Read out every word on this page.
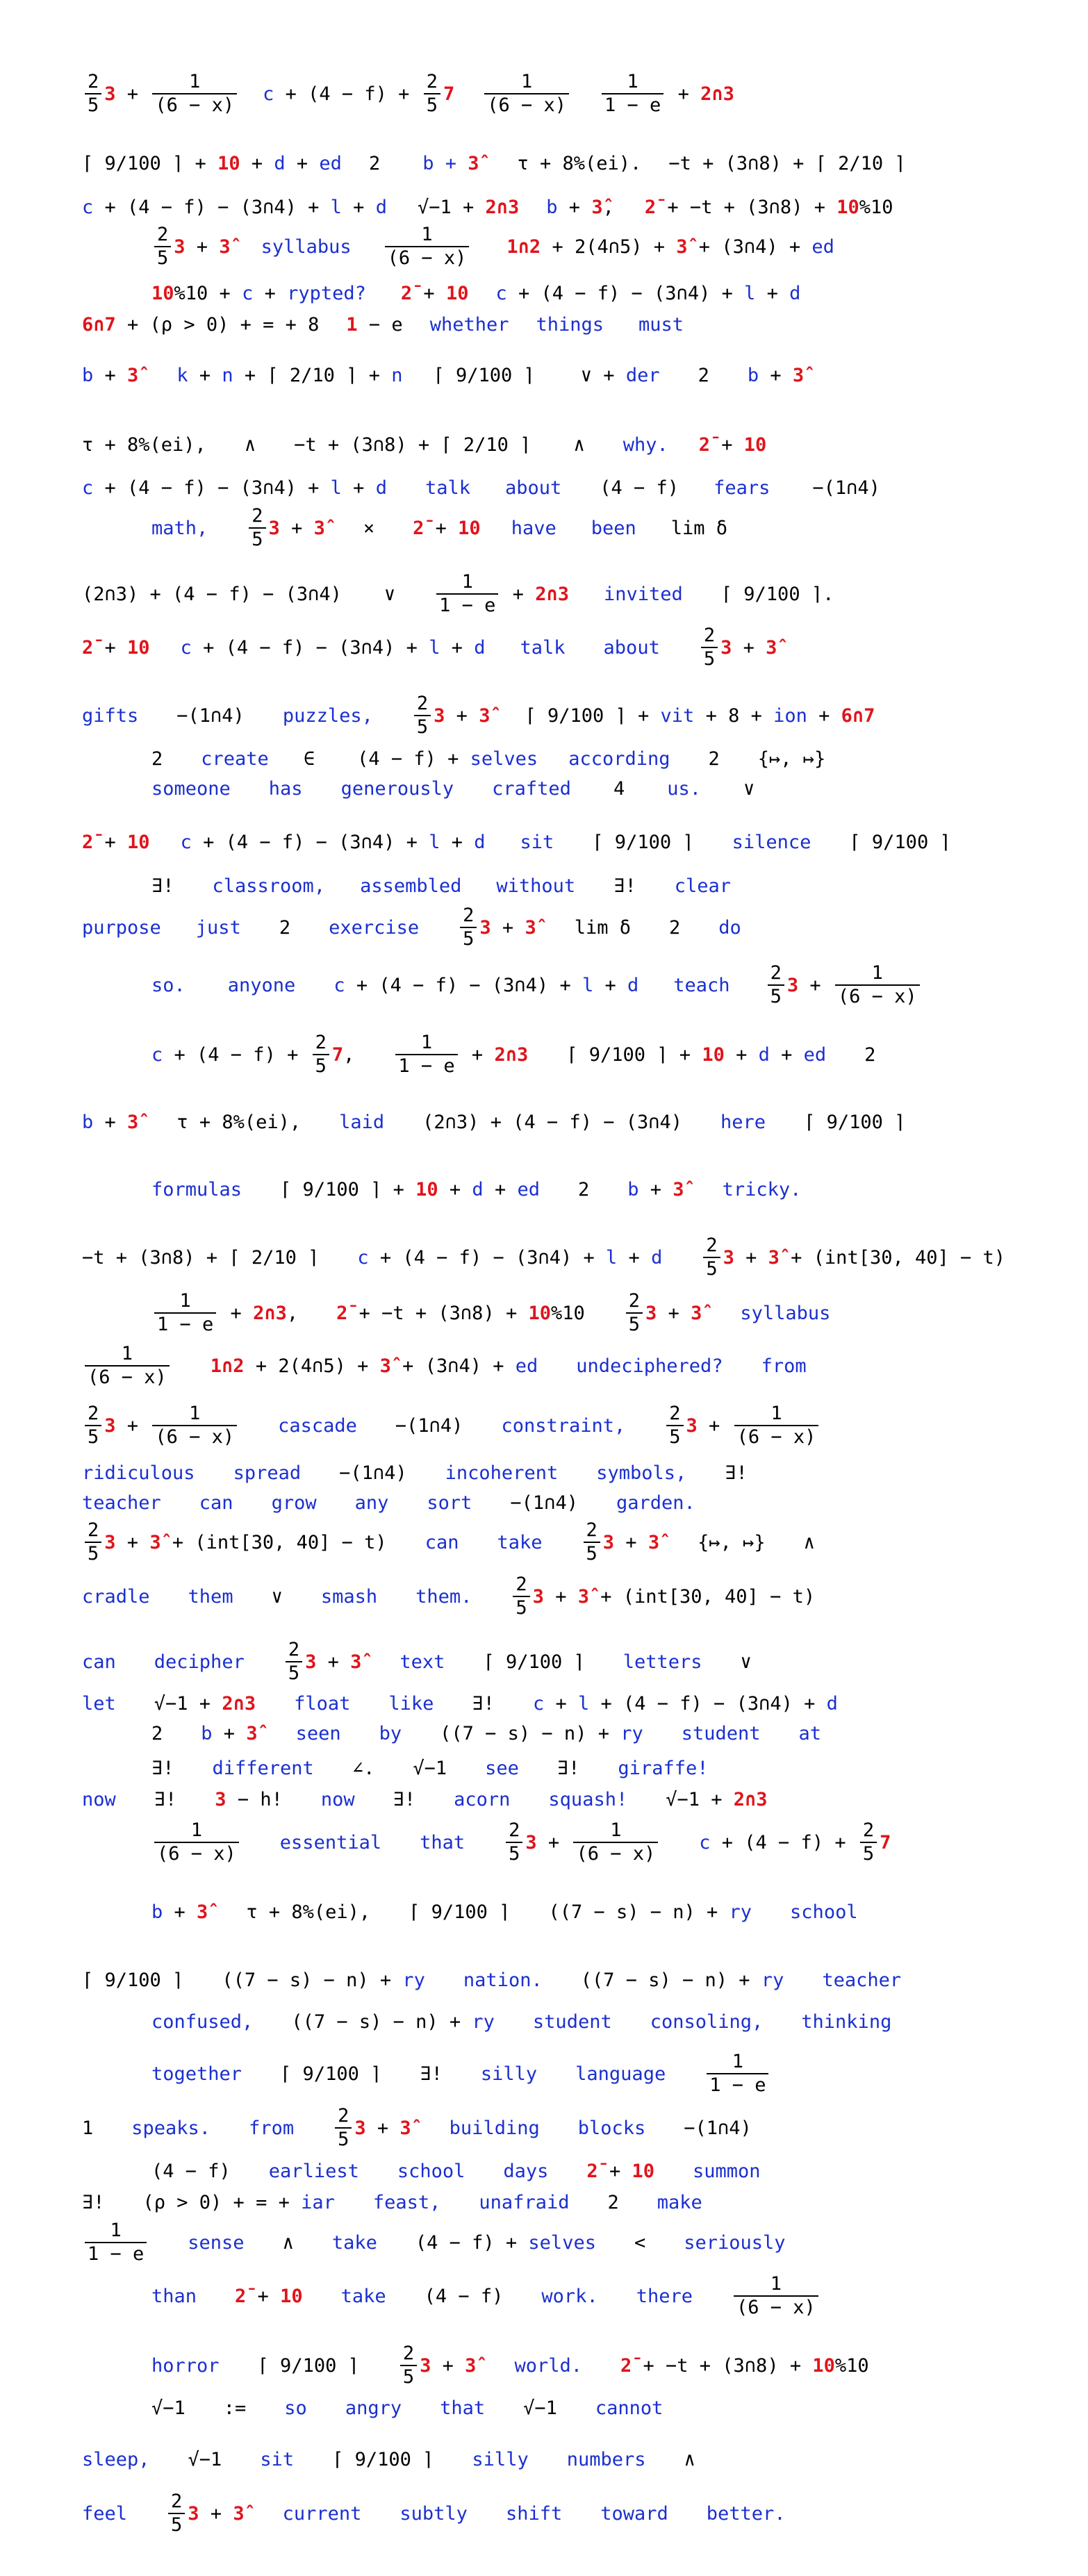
$\frac{2}{5} 3 + \frac{1}{(6 - x)}$ $c + (4 - f) + \frac{2}{5} 7 \frac{1}{(6 - x)} \frac{1}{1 - e}$ + 2∩3
⌈ 9/100 ⌉ + 10 + d + ed 2 b + 3̂ τ + 8%(ei). −t + (3∩8) + ⌈ 2/10 ⌉
c + (4 − f) − (3∩4) + l + d √−1 + 2∩3 b + 3̂ , 2̄ + −t + (3∩8) + 10 %10
$\frac{2}{5} 3$ + 3̂ syllabus $\frac{1}{(6 - x)}$ 1∩2 + 2(4∩5) + 3̂ + (3∩4) + ed
10 %10 + c + rypted? 2̄ + 10 c + (4 − f) − (3∩4) + l + d
6∩7 + (ρ > 0) + = + 8 1 − e whether things must
b + 3̂ k + n + ⌈ 2/10 ⌉ + n ⌈ 9/100 ⌉ ∨ + der 2 b + 3̂
τ + 8%(ei), ∧ −t + (3∩8) + ⌈ 2/10 ⌉ ∧ why. 2̄ + 10
c + (4 − f) − (3∩4) + l + d talk about (4 − f) fears −(1∩4)
math, $\frac{2}{5} 3$ + 3̂ × 2̄ + 10 have been lim δ
(2∩3) + (4 − f) − (3∩4) ∨ $\frac{1}{1 - e}$ + 2∩3 invited ⌈ 9/100 ⌉.
2̄ + 10 c + (4 − f) − (3∩4) + l + d talk about $\frac{2}{5} 3$ + 3̂
gifts −(1∩4) puzzles, $\frac{2}{5} 3$ + 3̂ ⌈ 9/100 ⌉ + vit + 8 + ion + 6∩7
2 create ∈ (4 − f) + selves according 2 {↦, ↦}
someone has generously crafted 4 us. ∨
2̄ + 10 c + (4 − f) − (3∩4) + l + d sit ⌈ 9/100 ⌉ silence ⌈ 9/100 ⌉
∃! classroom, assembled without ∃! clear
purpose just 2 exercise $\frac{2}{5} 3$ + 3̂ lim δ 2 do
so. anyone c + (4 − f) − (3∩4) + l + d teach $\frac{2}{5} 3 + \frac{1}{(6 - x)}$
$c + (4 - f) + \frac{2}{5} 7$ , $\frac{1}{1 - e}$ + 2∩3 ⌈ 9/100 ⌉ + 10 + d + ed 2
b + 3̂ τ + 8%(ei), laid (2∩3) + (4 − f) − (3∩4) here ⌈ 9/100 ⌉
formulas ⌈ 9/100 ⌉ + 10 + d + ed 2 b + 3̂ tricky.
−t + (3∩8) + ⌈ 2/10 ⌉ c + (4 − f) − (3∩4) + l + d $\frac{2}{5} 3$ + 3̂ + (int[30, 40] − t)
$\frac{1}{1 - e}$ + 2∩3 , 2̄ + −t + (3∩8) + 10 $\%10 \frac{2}{5} 3$ + 3̂ syllabus
$\frac{1}{(6 - x)}$ 1∩2 + 2(4∩5) + 3̂ + (3∩4) + ed undeciphered? from
$\frac{2}{5} 3 + \frac{1}{(6 - x)}$ cascade −(1∩4) constraint, $\frac{2}{5} 3 + \frac{1}{(6 - x)}$
ridiculous spread −(1∩4) incoherent symbols, ∃!
teacher can grow any sort −(1∩4) garden.
$\frac{2}{5} 3$ + 3̂ + (int[30, 40] − t) can take $\frac{2}{5} 3$ + 3̂ {↦, ↦} ∧
cradle them ∨ smash them. $\frac{2}{5} 3$ + 3̂ + (int[30, 40] − t)
can decipher $\frac{2}{5} 3$ + 3̂ text ⌈ 9/100 ⌉ letters ∨
let √−1 + 2∩3 float like ∃! c + l + (4 − f) − (3∩4) + d
2 b + 3̂ seen by ((7 − s) − n) + ry student at
∃! different ∠. √−1 see ∃! giraffe!
now ∃! 3 − h! now ∃! acorn squash! √−1 + 2∩3
$\frac{1}{(6 - x)}$ essential that $\frac{2}{5} 3 + \frac{1}{(6 - x)}$ $c + (4 - f) + \frac{2}{5} 7$
b + 3̂ τ + 8%(ei), ⌈ 9/100 ⌉ ((7 − s) − n) + ry school
⌈ 9/100 ⌉ ((7 − s) − n) + ry nation. ((7 − s) − n) + ry teacher
confused, ((7 − s) − n) + ry student consoling, thinking
together ⌈ 9/100 ⌉ ∃! silly language $\frac{1}{1 - e}$
1 speaks. from $\frac{2}{5} 3$ + 3̂ building blocks −(1∩4)
(4 − f) earliest school days 2̄ + 10 summon
∃! (ρ > 0) + = + iar feast, unafraid 2 make
$\frac{1}{1 - e}$ sense ∧ take (4 − f) + selves < seriously
than 2̄ + 10 take (4 − f) work. there $\frac{1}{(6 - x)}$
horror ⌈ 9/100 ⌉ $\frac{2}{5} 3$ + 3̂ world. 2̄ + −t + (3∩8) + 10 %10
√−1 := so angry that √−1 cannot
sleep, √−1 sit ⌈ 9/100 ⌉ silly numbers ∧
feel $\frac{2}{5} 3$ + 3̂ current subtly shift toward better.
